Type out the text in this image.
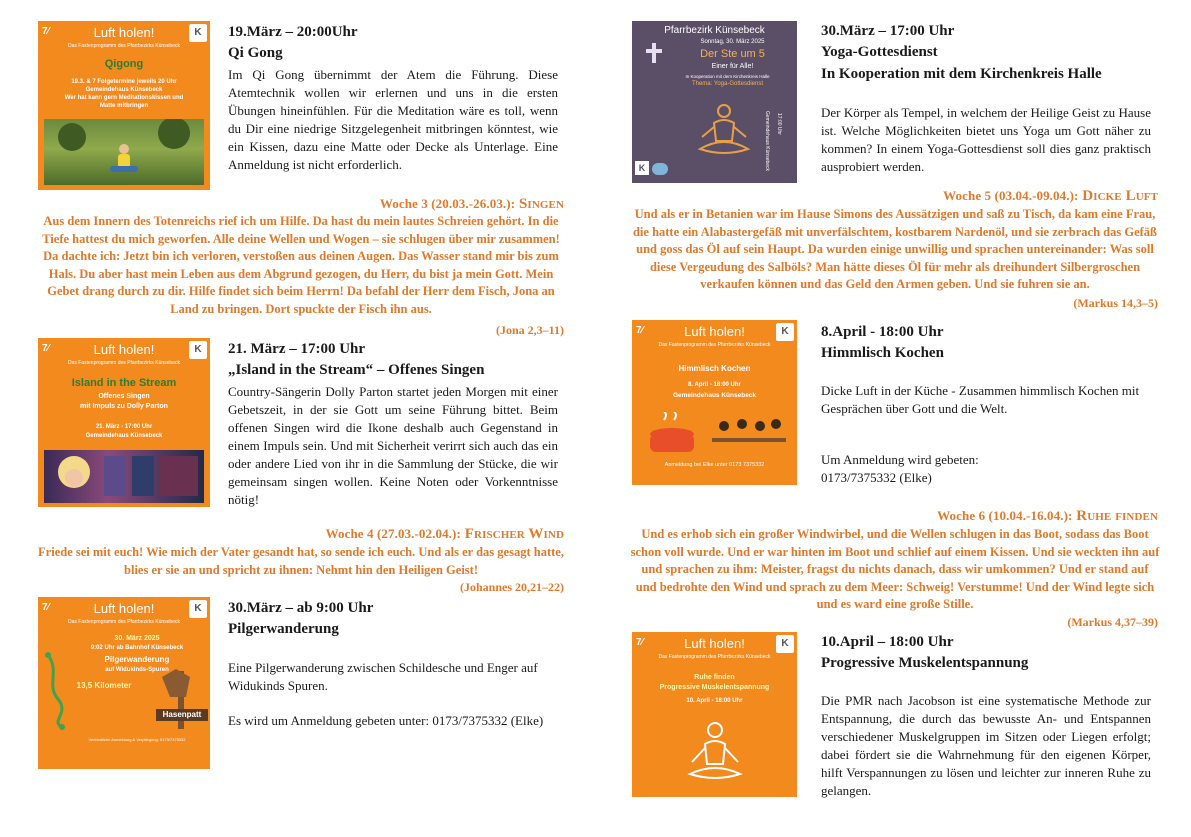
7⁄	Luft holen!
Das Fastenprogramm des Pfarrbezirks Künsebeck
K
Qigong
19.3. & 7 Folgetermine jeweils 20 Uhr
Gemeindehaus Künsebeck
Wer hat kann gern Meditationskissen und
Matte mitbringen
19.März – 20:00Uhr
Qi Gong
Im Qi Gong übernimmt der Atem die Führung. Diese Atemtechnik wollen wir erlernen und uns in die ersten Übungen hineinfühlen. Für die Meditation wäre es toll, wenn du Dir eine niedrige Sitzgelegenheit mitbringen könntest, wie ein Kissen, dazu eine Matte oder Decke als Unterlage. Eine Anmeldung ist nicht erforderlich.
Woche 3 (20.03.-26.03.): Singen
Aus dem Innern des Totenreichs rief ich um Hilfe. Da hast du mein lautes Schreien gehört. In die Tiefe hattest du mich geworfen. Alle deine Wellen und Wogen – sie schlugen über mir zusammen! Da dachte ich: Jetzt bin ich verloren, verstoßen aus deinen Augen. Das Wasser stand mir bis zum Hals. Du aber hast mein Leben aus dem Abgrund gezogen, du Herr, du bist ja mein Gott. Mein Gebet drang durch zu dir. Hilfe findet sich beim Herrn! Da befahl der Herr dem Fisch, Jona an Land zu bringen. Dort spuckte der Fisch ihn aus.
(Jona 2,3–11)
7⁄	Luft holen!
Das Fastenprogramm des Pfarrbezirks Künsebeck
K
Island in the Stream
Offenes Singen
mit Impuls zu Dolly Parton
21. März - 17:00 Uhr
Gemeindehaus Künsebeck
21. März – 17:00 Uhr
„Island in the Stream“ – Offenes Singen
Country-Sängerin Dolly Parton startet jeden Morgen mit einer Gebetszeit, in der sie Gott um seine Führung bittet. Beim offenen Singen wird die Ikone deshalb auch Gegenstand in einem Impuls sein. Und mit Sicherheit verirrt sich auch das ein oder andere Lied von ihr in die Sammlung der Stücke, die wir gemeinsam singen wollen. Keine Noten oder Vorkenntnisse nötig!
Woche 4 (27.03.-02.04.): Frischer Wind
Friede sei mit euch! Wie mich der Vater gesandt hat, so sende ich euch. Und als er das gesagt hatte, blies er sie an und spricht zu ihnen: Nehmt hin den Heiligen Geist!
(Johannes 20,21–22)
7⁄	Luft holen!
Das Fastenprogramm des Pfarrbezirks Künsebeck
K
30. März 2025
9:02 Uhr ab Bahnhof Künsebeck
Pilgerwanderung
auf Widukinds-Spuren
13,5 Kilometer
Hasenpatt
Verbindliche Anmeldung & Verpflegung: 0173/7375332
30.März – ab 9:00 Uhr
Pilgerwanderung
Eine Pilgerwanderung zwischen Schildesche und Enger auf Widukinds Spuren.
Es wird um Anmeldung gebeten unter: 0173/7375332 (Elke)
Pfarrbezirk Künsebeck
Sonntag, 30. März 2025
Der Ste um 5
Einer für Alle!
In Kooperation mit dem Kirchenkreis Halle
Thema: Yoga-Gottesdienst
Gemeindehaus Künsebeck 17:00 Uhr
K
30.März – 17:00 Uhr
Yoga-Gottesdienst
In Kooperation mit dem Kirchenkreis Halle
Der Körper als Tempel, in welchem der Heilige Geist zu Hause ist. Welche Möglichkeiten bietet uns Yoga um Gott näher zu kommen? In einem Yoga-Gottesdienst soll dies ganz praktisch ausprobiert werden.
Woche 5 (03.04.-09.04.): Dicke Luft
Und als er in Betanien war im Hause Simons des Aussätzigen und saß zu Tisch, da kam eine Frau, die hatte ein Alabastergefäß mit unverfälschtem, kostbarem Nardenöl, und sie zerbrach das Gefäß und goss das Öl auf sein Haupt. Da wurden einige unwillig und sprachen untereinander: Was soll diese Vergeudung des Salböls? Man hätte dieses Öl für mehr als dreihundert Silbergroschen verkaufen können und das Geld den Armen geben. Und sie fuhren sie an.
(Markus 14,3–5)
7⁄	Luft holen!
Das Fastenprogramm des Pfarrbezirks Künsebeck
K
Himmlisch Kochen
8. April - 18:00 Uhr
Gemeindehaus Künsebeck
Anmeldung bei Elke unter 0173 7375332
8.April - 18:00 Uhr
Himmlisch Kochen
Dicke Luft in der Küche - Zusammen himmlisch Kochen mit Gesprächen über Gott und die Welt.
Um Anmeldung wird gebeten: 0173/7375332 (Elke)
Woche 6 (10.04.-16.04.): Ruhe finden
Und es erhob sich ein großer Windwirbel, und die Wellen schlugen in das Boot, sodass das Boot schon voll wurde. Und er war hinten im Boot und schlief auf einem Kissen. Und sie weckten ihn auf und sprachen zu ihm: Meister, fragst du nichts danach, dass wir umkommen? Und er stand auf und bedrohte den Wind und sprach zu dem Meer: Schweig! Verstumme! Und der Wind legte sich und es ward eine große Stille.
(Markus 4,37–39)
7⁄	Luft holen!
Das Fastenprogramm des Pfarrbezirks Künsebeck
K
Ruhe finden
Progressive Muskelentspannung
10. April - 18:00 Uhr
10.April – 18:00 Uhr
Progressive Muskelentspannung
Die PMR nach Jacobson ist eine systematische Methode zur Entspannung, die durch das bewusste An- und Entspannen verschiedener Muskelgruppen im Sitzen oder Liegen erfolgt; dabei fördert sie die Wahrnehmung für den eigenen Körper, hilft Verspannungen zu lösen und leichter zur inneren Ruhe zu gelangen.
